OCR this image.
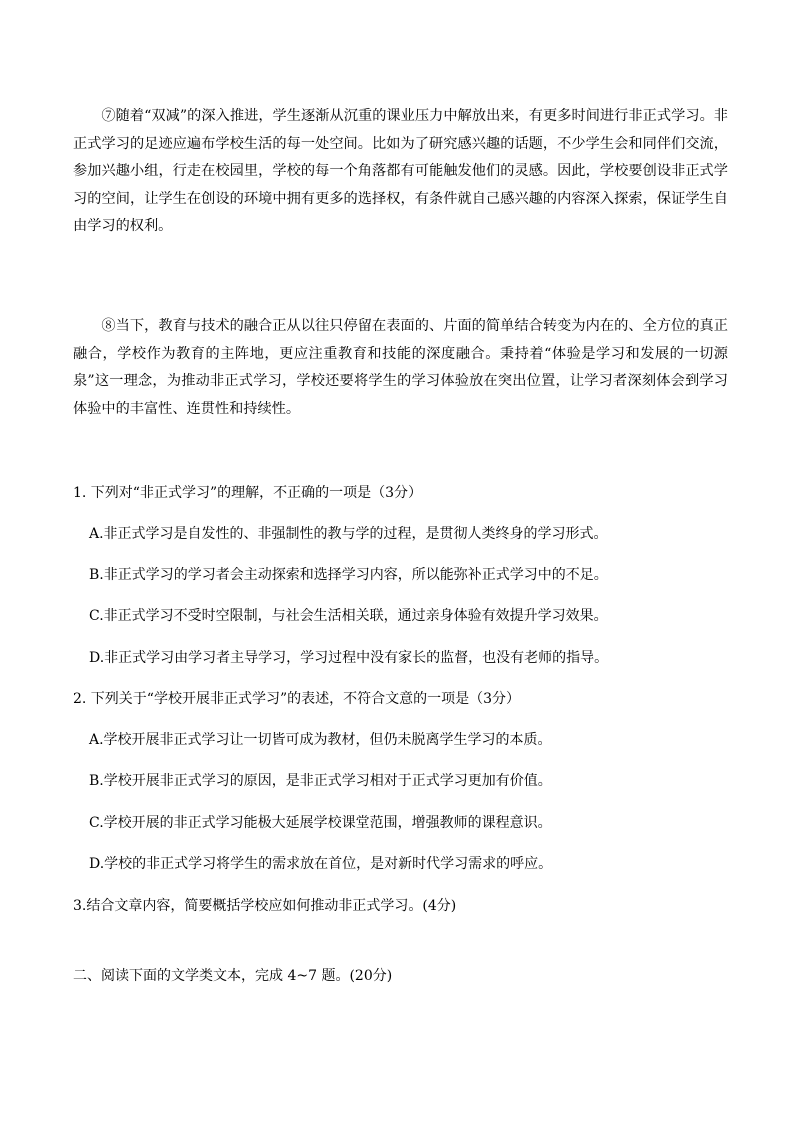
⑦随着“双减”的深入推进，学生逐渐从沉重的课业压力中解放出来，有更多时间进行非正式学习。非正式学习的足迹应遍布学校生活的每一处空间。比如为了研究感兴趣的话题，不少学生会和同伴们交流，参加兴趣小组，行走在校园里，学校的每一个角落都有可能触发他们的灵感。因此，学校要创设非正式学习的空间，让学生在创设的环境中拥有更多的选择权，有条件就自己感兴趣的内容深入探索，保证学生自由学习的权利。

⑧当下，教育与技术的融合正从以往只停留在表面的、片面的简单结合转变为内在的、全方位的真正融合，学校作为教育的主阵地，更应注重教育和技能的深度融合。秉持着“体验是学习和发展的一切源泉”这一理念，为推动非正式学习，学校还要将学生的学习体验放在突出位置，让学习者深刻体会到学习体验中的丰富性、连贯性和持续性。

1. 下列对“非正式学习”的理解，不正确的一项是（3分）

A.非正式学习是自发性的、非强制性的教与学的过程，是贯彻人类终身的学习形式。

B.非正式学习的学习者会主动探索和选择学习内容，所以能弥补正式学习中的不足。

C.非正式学习不受时空限制，与社会生活相关联，通过亲身体验有效提升学习效果。

D.非正式学习由学习者主导学习，学习过程中没有家长的监督，也没有老师的指导。

2. 下列关于“学校开展非正式学习”的表述，不符合文意的一项是（3分）

A.学校开展非正式学习让一切皆可成为教材，但仍未脱离学生学习的本质。

B.学校开展非正式学习的原因，是非正式学习相对于正式学习更加有价值。

C.学校开展的非正式学习能极大延展学校课堂范围，增强教师的课程意识。

D.学校的非正式学习将学生的需求放在首位，是对新时代学习需求的呼应。

3.结合文章内容，简要概括学校应如何推动非正式学习。(4分)

二、阅读下面的文学类文本，完成 4~7 题。(20分)
